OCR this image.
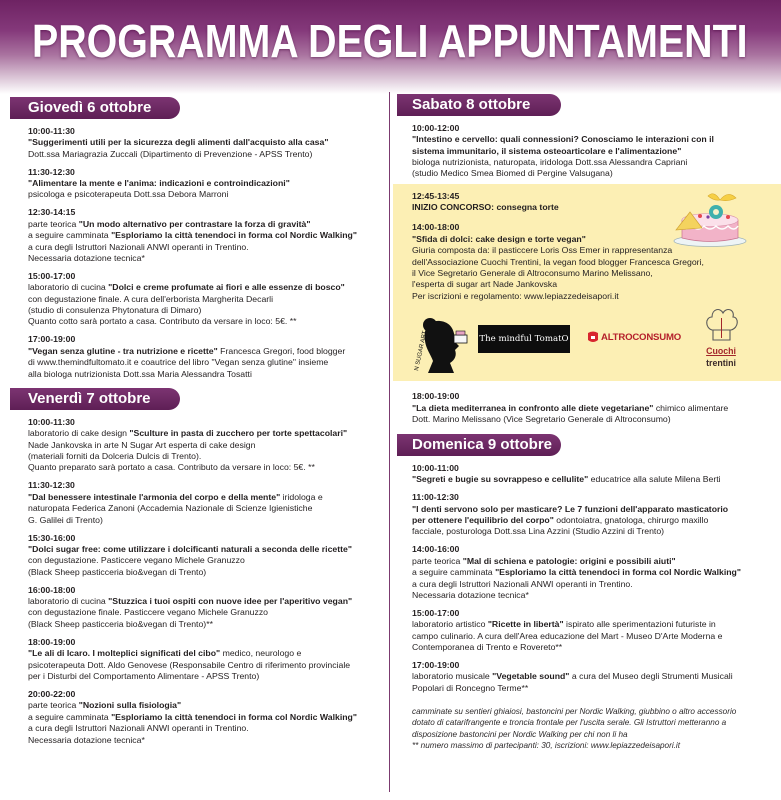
PROGRAMMA DEGLI APPUNTAMENTI
Giovedì 6 ottobre
10:00-11:30
"Suggerimenti utili per la sicurezza degli alimenti dall'acquisto alla casa"
Dott.ssa Mariagrazia Zuccali (Dipartimento di Prevenzione - APSS Trento)
11:30-12:30
"Alimentare la mente e l'anima: indicazioni e controindicazioni"
psicologa e psicoterapeuta Dott.ssa Debora Marroni
12:30-14:15
parte teorica "Un modo alternativo per contrastare la forza di gravità"
a seguire camminata "Esploriamo la città tenendoci in forma col Nordic Walking"
a cura degli Istruttori Nazionali ANWI operanti in Trentino.
Necessaria dotazione tecnica*
15:00-17:00
laboratorio di cucina "Dolci e creme profumate ai fiori e alle essenze di bosco"
con degustazione finale. A cura dell'erborista Margherita Decarli
(studio di consulenza Phytonatura di Dimaro)
Quanto cotto sarà portato a casa. Contributo da versare in loco: 5€. **
17:00-19:00
"Vegan senza glutine - tra nutrizione e ricette" Francesca Gregori, food blogger
di www.themindfultomato.it e coautrice del libro "Vegan senza glutine" insieme
alla biologa nutrizionista Dott.ssa Maria Alessandra Tosatti
Venerdì 7 ottobre
10:00-11:30
laboratorio di cake design "Sculture in pasta di zucchero per torte spettacolari"
Nade Jankovska in arte N Sugar Art esperta di cake design
(materiali forniti da Dolceria Dulcis di Trento).
Quanto preparato sarà portato a casa. Contributo da versare in loco: 5€. **
11:30-12:30
"Dal benessere intestinale l'armonia del corpo e della mente" iridologa e
naturopata Federica Zanoni (Accademia Nazionale di Scienze Igienistiche
G. Galilei di Trento)
15:30-16:00
"Dolci sugar free: come utilizzare i dolcificanti naturali a seconda delle ricette"
con degustazione. Pasticcere vegano Michele Granuzzo
(Black Sheep pasticceria bio&vegan di Trento)
16:00-18:00
laboratorio di cucina "Stuzzica i tuoi ospiti con nuove idee per l'aperitivo vegan"
con degustazione finale. Pasticcere vegano Michele Granuzzo
(Black Sheep pasticceria bio&vegan di Trento)**
18:00-19:00
"Le ali di Icaro. I molteplici significati del cibo" medico, neurologo e
psicoterapeuta Dott. Aldo Genovese (Responsabile Centro di riferimento provinciale
per i Disturbi del Comportamento Alimentare - APSS Trento)
20:00-22:00
parte teorica "Nozioni sulla fisiologia"
a seguire camminata "Esploriamo la città tenendoci in forma col Nordic Walking"
a cura degli Istruttori Nazionali ANWI operanti in Trentino.
Necessaria dotazione tecnica*
Sabato 8 ottobre
10:00-12:00
"Intestino e cervello: quali connessioni? Conosciamo le interazioni con il
sistema immunitario, il sistema osteoarticolare e l'alimentazione"
biologa nutrizionista, naturopata, iridologa Dott.ssa Alessandra Capriani
(studio Medico Smea Biomed di Pergine Valsugana)
12:45-13:45
INIZIO CONCORSO: consegna torte
14:00-18:00
"Sfida di dolci: cake design e torte vegan"
Giuria composta da: il pasticcere Loris Oss Emer in rappresentanza
dell'Associazione Cuochi Trentini, la vegan food blogger Francesca Gregori,
il Vice Segretario Generale di Altroconsumo Marino Melissano,
l'esperta di sugar art Nade Jankovska
Per iscrizioni e regolamento: www.lepiazzedeisapori.it
N SUGAR ART	The mindful TomatO	ALTROCONSUMO
Cuochi
trentini
18:00-19:00
"La dieta mediterranea in confronto alle diete vegetariane" chimico alimentare
Dott. Marino Melissano (Vice Segretario Generale di Altroconsumo)
Domenica 9 ottobre
10:00-11:00
"Segreti e bugie su sovrappeso e cellulite" educatrice alla salute Milena Berti
11:00-12:30
"I denti servono solo per masticare? Le 7 funzioni dell'apparato masticatorio
per ottenere l'equilibrio del corpo" odontoiatra, gnatologa, chirurgo maxillo
facciale, posturologa Dott.ssa Lina Azzini (Studio Azzini di Trento)
14:00-16:00
parte teorica "Mal di schiena e patologie: origini e possibili aiuti"
a seguire camminata "Esploriamo la città tenendoci in forma col Nordic Walking"
a cura degli Istruttori Nazionali ANWI operanti in Trentino.
Necessaria dotazione tecnica*
15:00-17:00
laboratorio artistico "Ricette in libertà" ispirato alle sperimentazioni futuriste in
campo culinario. A cura dell'Area educazione del Mart - Museo D'Arte Moderna e
Contemporanea di Trento e Rovereto**
17:00-19:00
laboratorio musicale "Vegetable sound" a cura del Museo degli Strumenti Musicali
Popolari di Roncegno Terme**
camminate su sentieri ghiaiosi, bastoncini per Nordic Walking, giubbino o altro accessorio
dotato di catarifrangente e troncia frontale per l'uscita serale. Gli Istruttori metteranno a
disposizione bastoncini per Nordic Walking per chi non li ha
** numero massimo di partecipanti: 30, iscrizioni: www.lepiazzedeisapori.it
